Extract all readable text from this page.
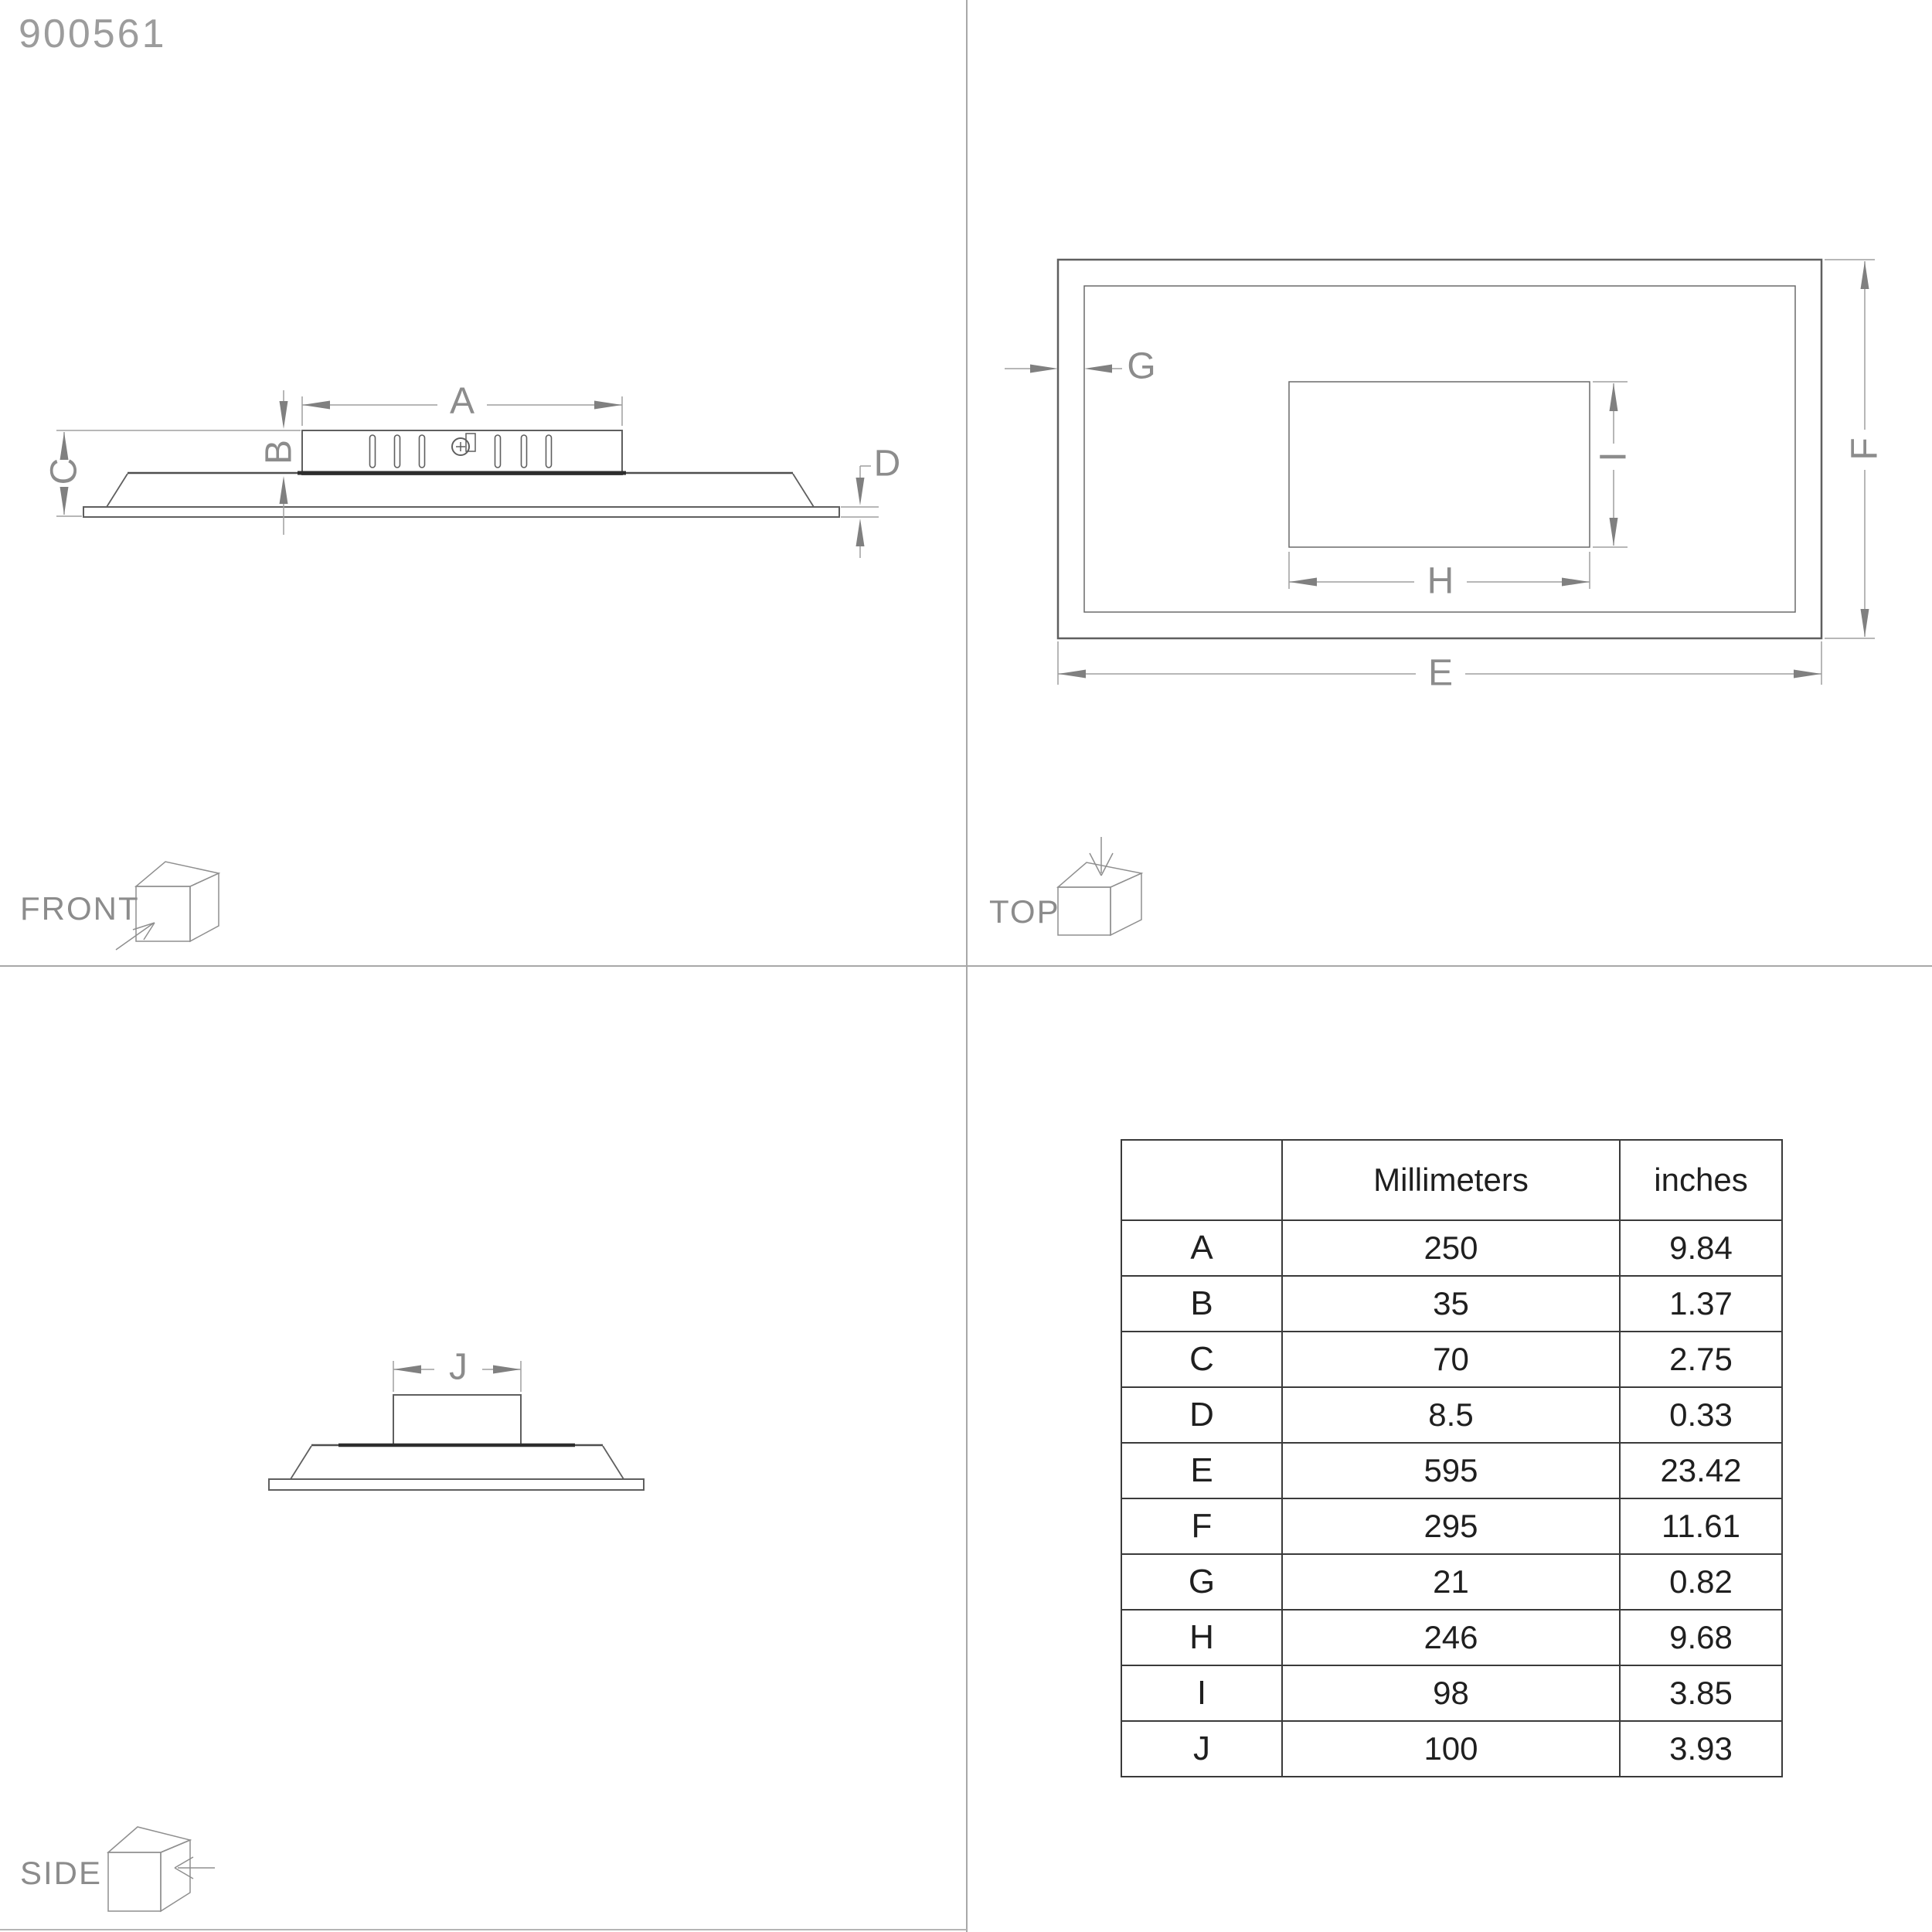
900561
FRONT	TOP
SIDE
A
B
C	D
E
F
G
H
I
J
	Millimeters	inches
A	250	9.84
B	35	1.37
C	70	2.75
D	8.5	0.33
E	595	23.42
F	295	11.61
G	21	0.82
H	246	9.68
I	98	3.85
J	100	3.93
